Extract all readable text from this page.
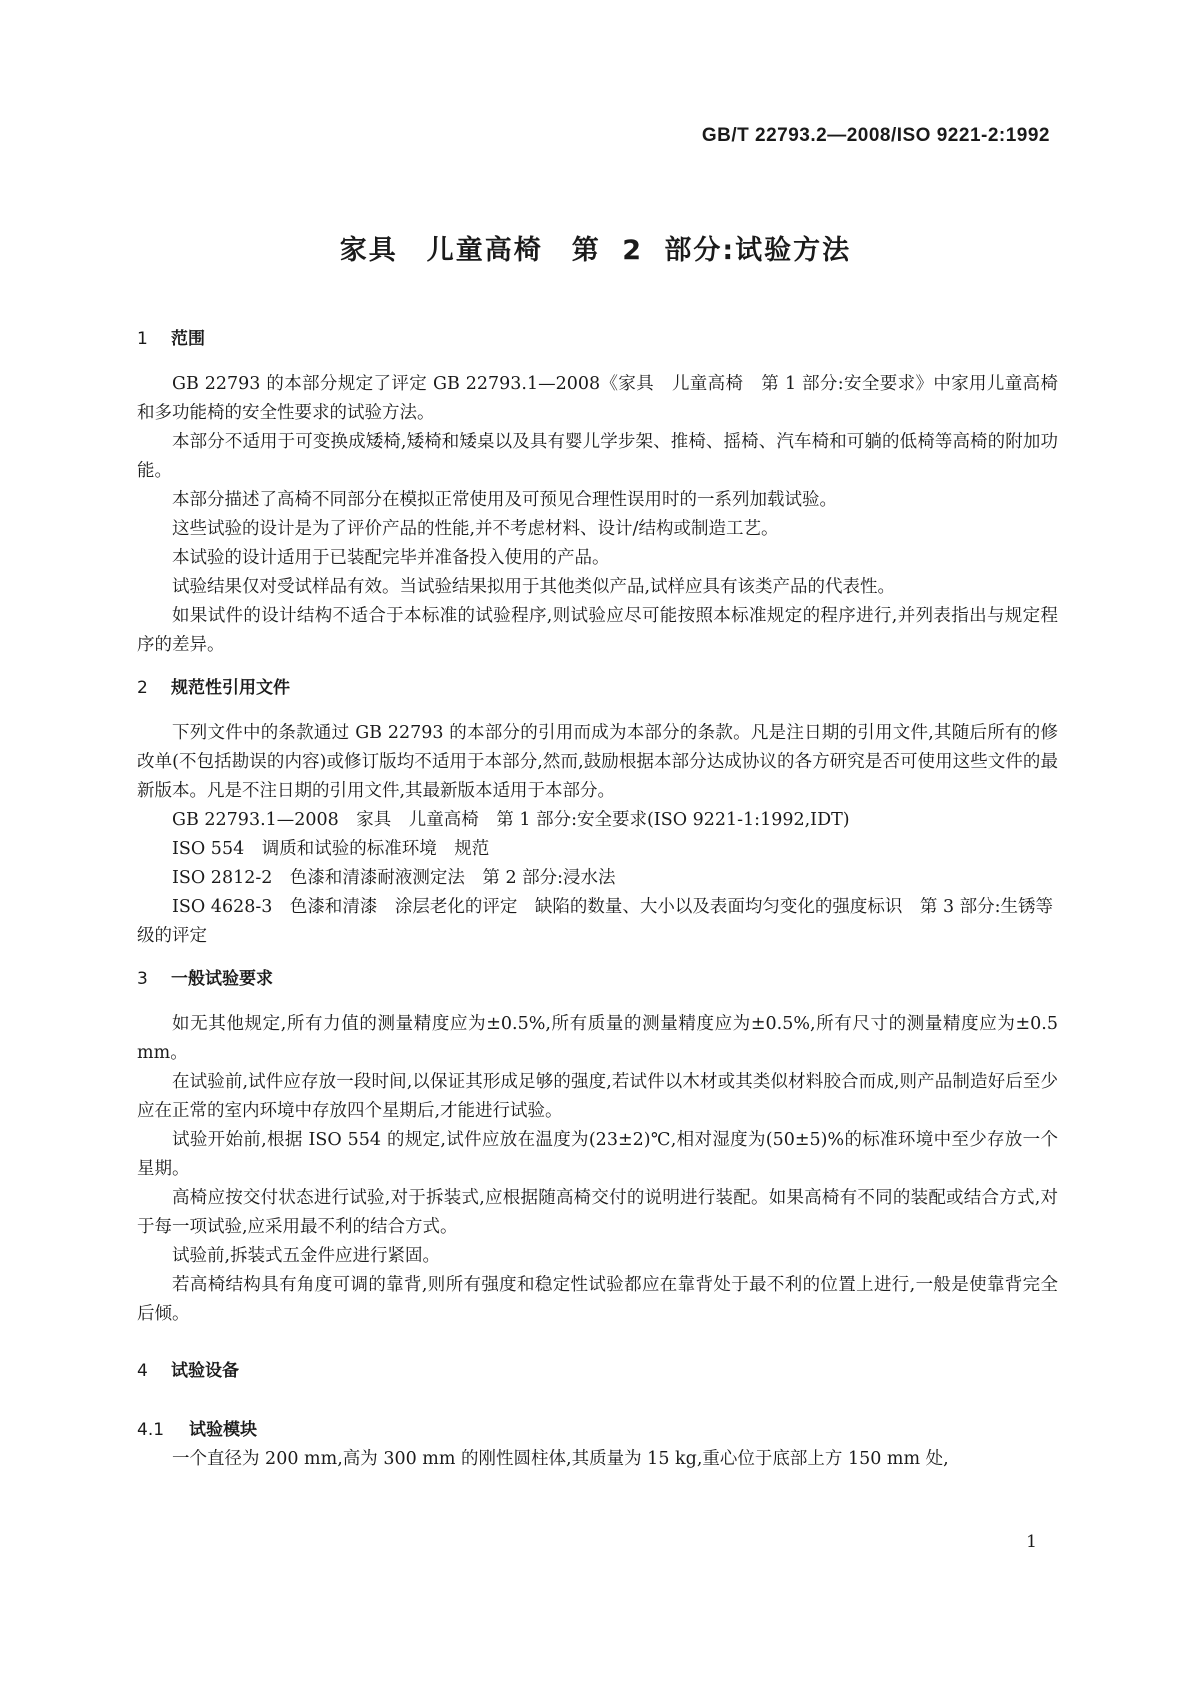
GB/T 22793.2—2008/ISO 9221-2:1992
家具　儿童高椅　第 2 部分:试验方法
1 范围

GB 22793 的本部分规定了评定 GB 22793.1—2008《家具　儿童高椅　第 1 部分:安全要求》中家用儿童高椅和多功能椅的安全性要求的试验方法。

本部分不适用于可变换成矮椅,矮椅和矮桌以及具有婴儿学步架、推椅、摇椅、汽车椅和可躺的低椅等高椅的附加功能。

本部分描述了高椅不同部分在模拟正常使用及可预见合理性误用时的一系列加载试验。

这些试验的设计是为了评价产品的性能,并不考虑材料、设计/结构或制造工艺。

本试验的设计适用于已装配完毕并准备投入使用的产品。

试验结果仅对受试样品有效。当试验结果拟用于其他类似产品,试样应具有该类产品的代表性。

如果试件的设计结构不适合于本标准的试验程序,则试验应尽可能按照本标准规定的程序进行,并列表指出与规定程序的差异。

2 规范性引用文件

下列文件中的条款通过 GB 22793 的本部分的引用而成为本部分的条款。凡是注日期的引用文件,其随后所有的修改单(不包括勘误的内容)或修订版均不适用于本部分,然而,鼓励根据本部分达成协议的各方研究是否可使用这些文件的最新版本。凡是不注日期的引用文件,其最新版本适用于本部分。

GB 22793.1—2008　家具　儿童高椅　第 1 部分:安全要求(ISO 9221-1:1992,IDT)

ISO 554　调质和试验的标准环境　规范

ISO 2812-2　色漆和清漆耐液测定法　第 2 部分:浸水法

ISO 4628-3　色漆和清漆　涂层老化的评定　缺陷的数量、大小以及表面均匀变化的强度标识　第 3 部分:生锈等级的评定

3 一般试验要求

如无其他规定,所有力值的测量精度应为±0.5%,所有质量的测量精度应为±0.5%,所有尺寸的测量精度应为±0.5 mm。

在试验前,试件应存放一段时间,以保证其形成足够的强度,若试件以木材或其类似材料胶合而成,则产品制造好后至少应在正常的室内环境中存放四个星期后,才能进行试验。

试验开始前,根据 ISO 554 的规定,试件应放在温度为(23±2)℃,相对湿度为(50±5)%的标准环境中至少存放一个星期。

高椅应按交付状态进行试验,对于拆装式,应根据随高椅交付的说明进行装配。如果高椅有不同的装配或结合方式,对于每一项试验,应采用最不利的结合方式。

试验前,拆装式五金件应进行紧固。

若高椅结构具有角度可调的靠背,则所有强度和稳定性试验都应在靠背处于最不利的位置上进行,一般是使靠背完全后倾。

4 试验设备
4.1 试验模块

一个直径为 200 mm,高为 300 mm 的刚性圆柱体,其质量为 15 kg,重心位于底部上方 150 mm 处,

1
